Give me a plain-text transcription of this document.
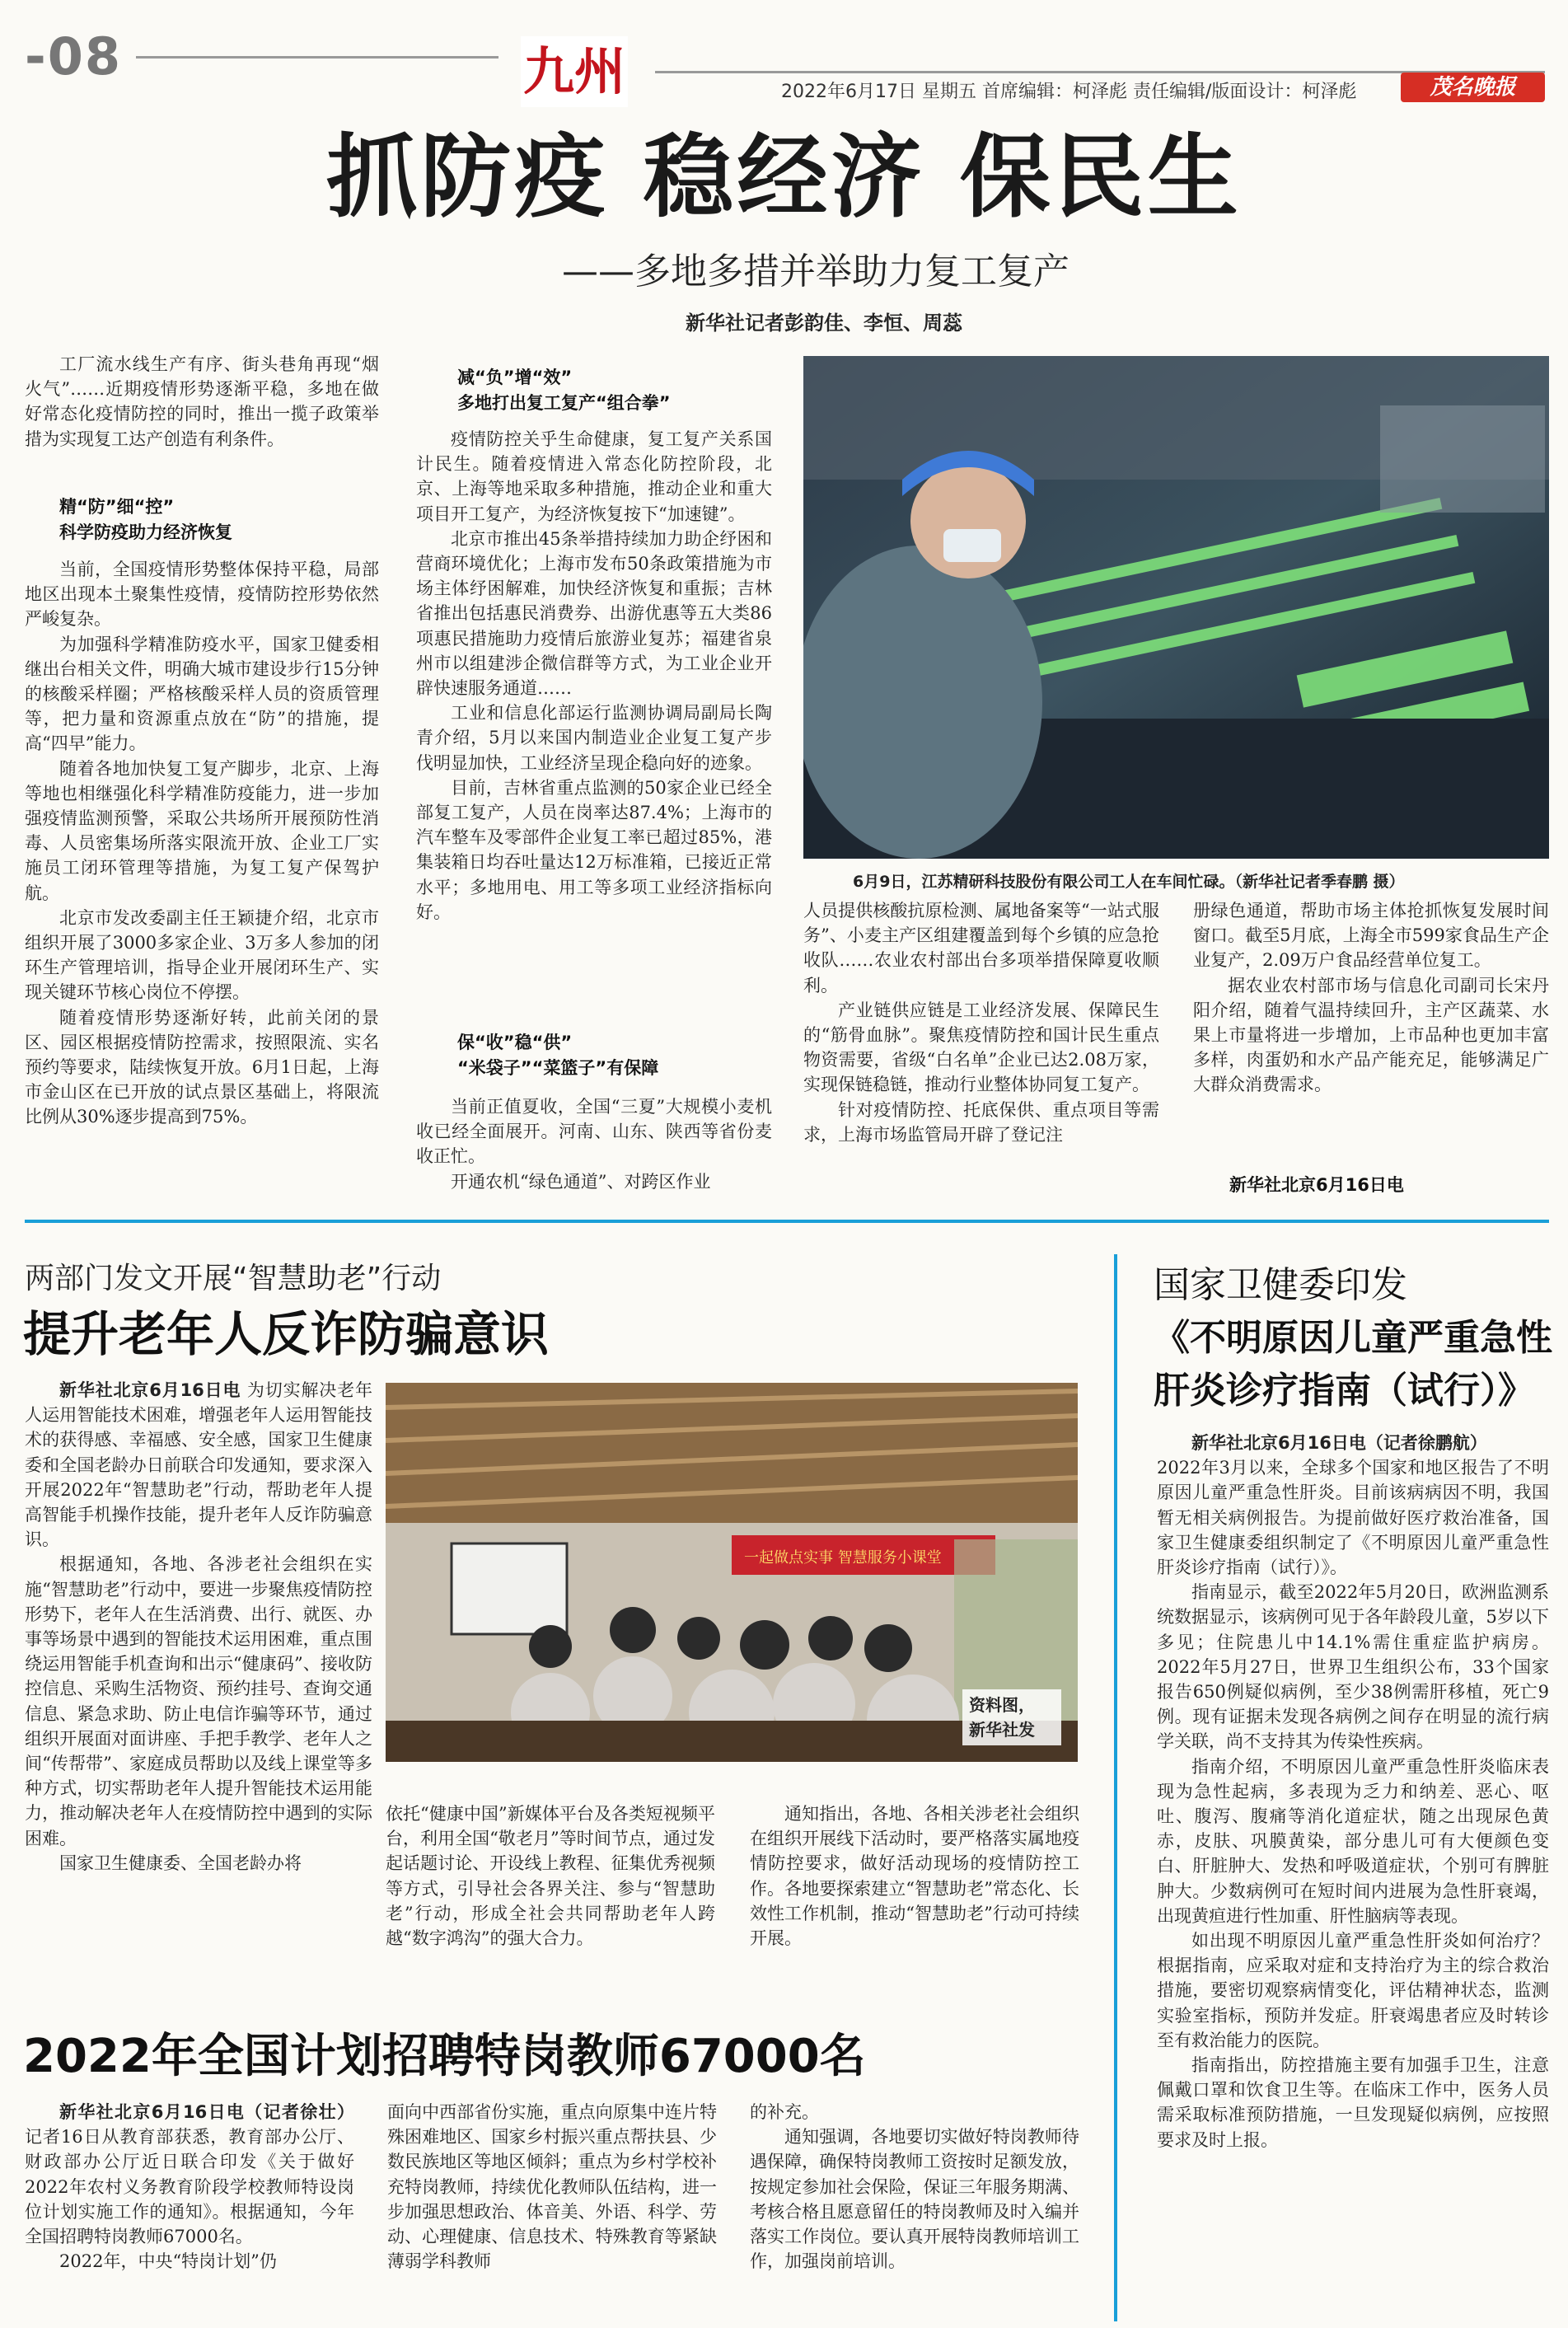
-08	九州	2022年6月17日 星期五 首席编辑：柯泽彪 责任编辑/版面设计：柯泽彪	茂名晚报
抓防疫 稳经济 保民生
——多地多措并举助力复工复产
新华社记者彭韵佳、李恒、周蕊

工厂流水线生产有序、街头巷角再现“烟火气”……近期疫情形势逐渐平稳，多地在做好常态化疫情防控的同时，推出一揽子政策举措为实现复工达产创造有利条件。

精“防”细“控”
科学防疫助力经济恢复

当前，全国疫情形势整体保持平稳，局部地区出现本土聚集性疫情，疫情防控形势依然严峻复杂。

为加强科学精准防疫水平，国家卫健委相继出台相关文件，明确大城市建设步行15分钟的核酸采样圈；严格核酸采样人员的资质管理等，把力量和资源重点放在“防”的措施，提高“四早”能力。

随着各地加快复工复产脚步，北京、上海等地也相继强化科学精准防疫能力，进一步加强疫情监测预警，采取公共场所开展预防性消毒、人员密集场所落实限流开放、企业工厂实施员工闭环管理等措施，为复工复产保驾护航。

北京市发改委副主任王颖捷介绍，北京市组织开展了3000多家企业、3万多人参加的闭环生产管理培训，指导企业开展闭环生产、实现关键环节核心岗位不停摆。

随着疫情形势逐渐好转，此前关闭的景区、园区根据疫情防控需求，按照限流、实名预约等要求，陆续恢复开放。6月1日起，上海市金山区在已开放的试点景区基础上，将限流比例从30%逐步提高到75%。

减“负”增“效”
多地打出复工复产“组合拳”

疫情防控关乎生命健康，复工复产关系国计民生。随着疫情进入常态化防控阶段，北京、上海等地采取多种措施，推动企业和重大项目开工复产，为经济恢复按下“加速键”。

北京市推出45条举措持续加力助企纾困和营商环境优化；上海市发布50条政策措施为市场主体纾困解难，加快经济恢复和重振；吉林省推出包括惠民消费券、出游优惠等五大类86项惠民措施助力疫情后旅游业复苏；福建省泉州市以组建涉企微信群等方式，为工业企业开辟快速服务通道……

工业和信息化部运行监测协调局副局长陶青介绍，5月以来国内制造业企业复工复产步伐明显加快，工业经济呈现企稳向好的迹象。

目前，吉林省重点监测的50家企业已经全部复工复产，人员在岗率达87.4%；上海市的汽车整车及零部件企业复工率已超过85%，港集装箱日均吞吐量达12万标准箱，已接近正常水平；多地用电、用工等多项工业经济指标向好。

保“收”稳“供”
“米袋子”“菜篮子”有保障

当前正值夏收，全国“三夏”大规模小麦机收已经全面展开。河南、山东、陕西等省份麦收正忙。

开通农机“绿色通道”、对跨区作业

6月9日，江苏精研科技股份有限公司工人在车间忙碌。（新华社记者季春鹏 摄）

人员提供核酸抗原检测、属地备案等“一站式服务”、小麦主产区组建覆盖到每个乡镇的应急抢收队……农业农村部出台多项举措保障夏收顺利。

产业链供应链是工业经济发展、保障民生的“筋骨血脉”。聚焦疫情防控和国计民生重点物资需要，省级“白名单”企业已达2.08万家，实现保链稳链，推动行业整体协同复工复产。

针对疫情防控、托底保供、重点项目等需求，上海市场监管局开辟了登记注

册绿色通道，帮助市场主体抢抓恢复发展时间窗口。截至5月底，上海全市599家食品生产企业复产，2.09万户食品经营单位复工。

据农业农村部市场与信息化司副司长宋丹阳介绍，随着气温持续回升，主产区蔬菜、水果上市量将进一步增加，上市品种也更加丰富多样，肉蛋奶和水产品产能充足，能够满足广大群众消费需求。

新华社北京6月16日电
两部门发文开展“智慧助老”行动
提升老年人反诈防骗意识

新华社北京6月16日电 为切实解决老年人运用智能技术困难，增强老年人运用智能技术的获得感、幸福感、安全感，国家卫生健康委和全国老龄办日前联合印发通知，要求深入开展2022年“智慧助老”行动，帮助老年人提高智能手机操作技能，提升老年人反诈防骗意识。

根据通知，各地、各涉老社会组织在实施“智慧助老”行动中，要进一步聚焦疫情防控形势下，老年人在生活消费、出行、就医、办事等场景中遇到的智能技术运用困难，重点围绕运用智能手机查询和出示“健康码”、接收防控信息、采购生活物资、预约挂号、查询交通信息、紧急求助、防止电信诈骗等环节，通过组织开展面对面讲座、手把手教学、老年人之间“传帮带”、家庭成员帮助以及线上课堂等多种方式，切实帮助老年人提升智能技术运用能力，推动解决老年人在疫情防控中遇到的实际困难。

国家卫生健康委、全国老龄办将

一起做点实事 智慧服务小课堂
资料图，
新华社发

依托“健康中国”新媒体平台及各类短视频平台，利用全国“敬老月”等时间节点，通过发起话题讨论、开设线上教程、征集优秀视频等方式，引导社会各界关注、参与“智慧助老”行动，形成全社会共同帮助老年人跨越“数字鸿沟”的强大合力。

通知指出，各地、各相关涉老社会组织在组织开展线下活动时，要严格落实属地疫情防控要求，做好活动现场的疫情防控工作。各地要探索建立“智慧助老”常态化、长效性工作机制，推动“智慧助老”行动可持续开展。

国家卫健委印发
《不明原因儿童严重急性
肝炎诊疗指南（试行）》

新华社北京6月16日电（记者徐鹏航）

2022年3月以来，全球多个国家和地区报告了不明原因儿童严重急性肝炎。目前该病病因不明，我国暂无相关病例报告。为提前做好医疗救治准备，国家卫生健康委组织制定了《不明原因儿童严重急性肝炎诊疗指南（试行）》。

指南显示，截至2022年5月20日，欧洲监测系统数据显示，该病例可见于各年龄段儿童，5岁以下多见；住院患儿中14.1%需住重症监护病房。2022年5月27日，世界卫生组织公布，33个国家报告650例疑似病例，至少38例需肝移植，死亡9例。现有证据未发现各病例之间存在明显的流行病学关联，尚不支持其为传染性疾病。

指南介绍，不明原因儿童严重急性肝炎临床表现为急性起病，多表现为乏力和纳差、恶心、呕吐、腹泻、腹痛等消化道症状，随之出现尿色黄赤，皮肤、巩膜黄染，部分患儿可有大便颜色变白、肝脏肿大、发热和呼吸道症状，个别可有脾脏肿大。少数病例可在短时间内进展为急性肝衰竭，出现黄疸进行性加重、肝性脑病等表现。

如出现不明原因儿童严重急性肝炎如何治疗？根据指南，应采取对症和支持治疗为主的综合救治措施，要密切观察病情变化，评估精神状态，监测实验室指标，预防并发症。肝衰竭患者应及时转诊至有救治能力的医院。

指南指出，防控措施主要有加强手卫生，注意佩戴口罩和饮食卫生等。在临床工作中，医务人员需采取标准预防措施，一旦发现疑似病例，应按照要求及时上报。

2022年全国计划招聘特岗教师67000名

新华社北京6月16日电（记者徐壮）记者16日从教育部获悉，教育部办公厅、财政部办公厅近日联合印发《关于做好2022年农村义务教育阶段学校教师特设岗位计划实施工作的通知》。根据通知，今年全国招聘特岗教师67000名。

2022年，中央“特岗计划”仍

面向中西部省份实施，重点向原集中连片特殊困难地区、国家乡村振兴重点帮扶县、少数民族地区等地区倾斜；重点为乡村学校补充特岗教师，持续优化教师队伍结构，进一步加强思想政治、体音美、外语、科学、劳动、心理健康、信息技术、特殊教育等紧缺薄弱学科教师

的补充。

通知强调，各地要切实做好特岗教师待遇保障，确保特岗教师工资按时足额发放，按规定参加社会保险，保证三年服务期满、考核合格且愿意留任的特岗教师及时入编并落实工作岗位。要认真开展特岗教师培训工作，加强岗前培训。
